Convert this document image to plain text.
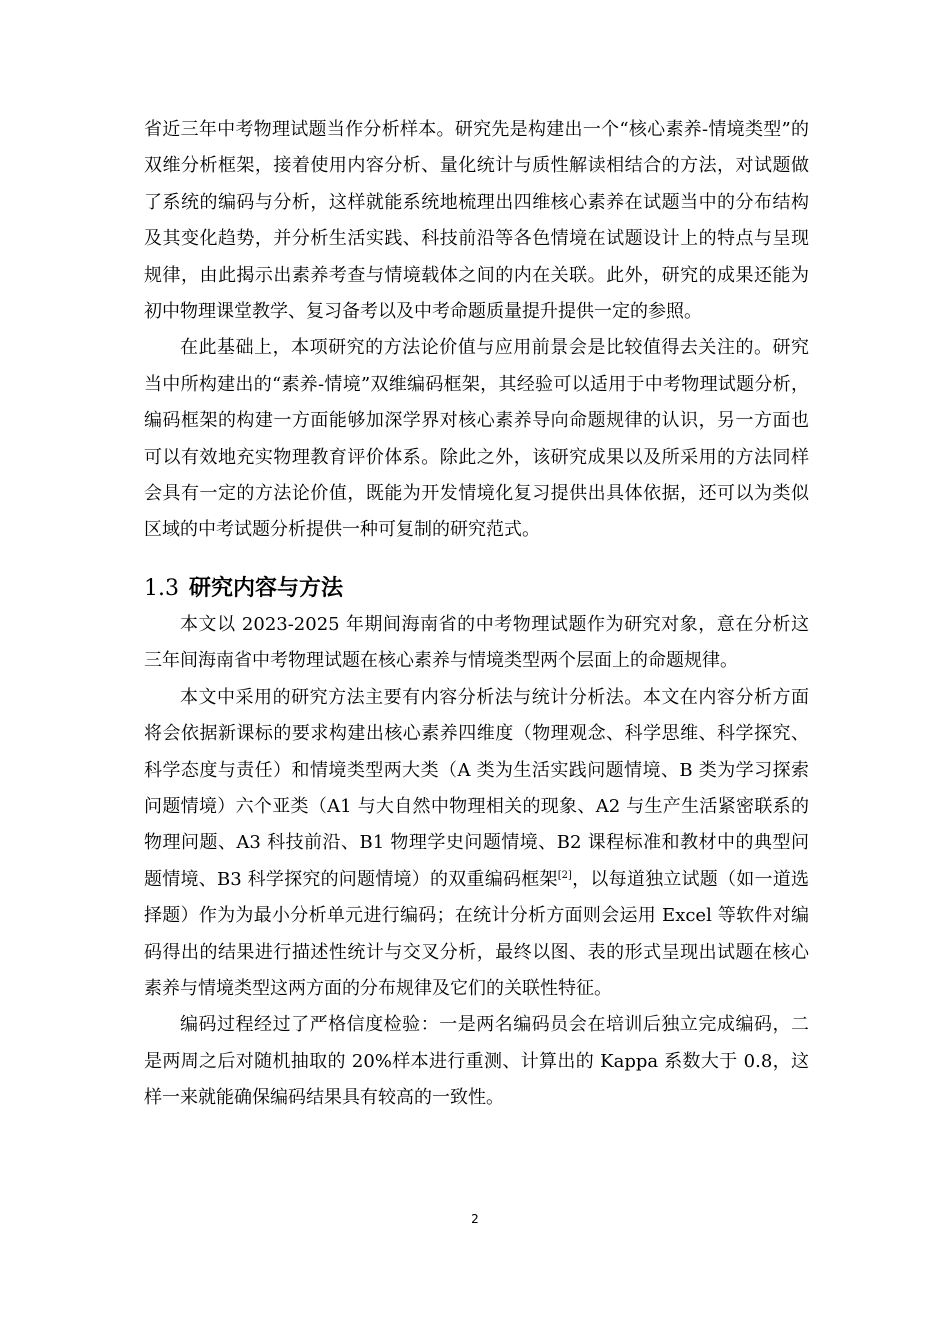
省近三年中考物理试题当作分析样本。研究先是构建出一个“核心素养-情境类型”的双维分析框架，接着使用内容分析、量化统计与质性解读相结合的方法，对试题做了系统的编码与分析，这样就能系统地梳理出四维核心素养在试题当中的分布结构及其变化趋势，并分析生活实践、科技前沿等各色情境在试题设计上的特点与呈现规律，由此揭示出素养考查与情境载体之间的内在关联。此外，研究的成果还能为初中物理课堂教学、复习备考以及中考命题质量提升提供一定的参照。

在此基础上，本项研究的方法论价值与应用前景会是比较值得去关注的。研究当中所构建出的“素养-情境”双维编码框架，其经验可以适用于中考物理试题分析，编码框架的构建一方面能够加深学界对核心素养导向命题规律的认识，另一方面也可以有效地充实物理教育评价体系。除此之外，该研究成果以及所采用的方法同样会具有一定的方法论价值，既能为开发情境化复习提供出具体依据，还可以为类似区域的中考试题分析提供一种可复制的研究范式。

1.3 研究内容与方法

本文以 2023-2025 年期间海南省的中考物理试题作为研究对象，意在分析这三年间海南省中考物理试题在核心素养与情境类型两个层面上的命题规律。

本文中采用的研究方法主要有内容分析法与统计分析法。本文在内容分析方面将会依据新课标的要求构建出核心素养四维度（物理观念、科学思维、科学探究、科学态度与责任）和情境类型两大类（A 类为生活实践问题情境、B 类为学习探索问题情境）六个亚类（A1 与大自然中物理相关的现象、A2 与生产生活紧密联系的物理问题、A3 科技前沿、B1 物理学史问题情境、B2 课程标准和教材中的典型问题情境、B3 科学探究的问题情境）的双重编码框架[2]，以每道独立试题（如一道选择题）作为为最小分析单元进行编码；在统计分析方面则会运用 Excel 等软件对编码得出的结果进行描述性统计与交叉分析，最终以图、表的形式呈现出试题在核心素养与情境类型这两方面的分布规律及它们的关联性特征。

编码过程经过了严格信度检验：一是两名编码员会在培训后独立完成编码，二是两周之后对随机抽取的 20%样本进行重测、计算出的 Kappa 系数大于 0.8，这样一来就能确保编码结果具有较高的一致性。

2
